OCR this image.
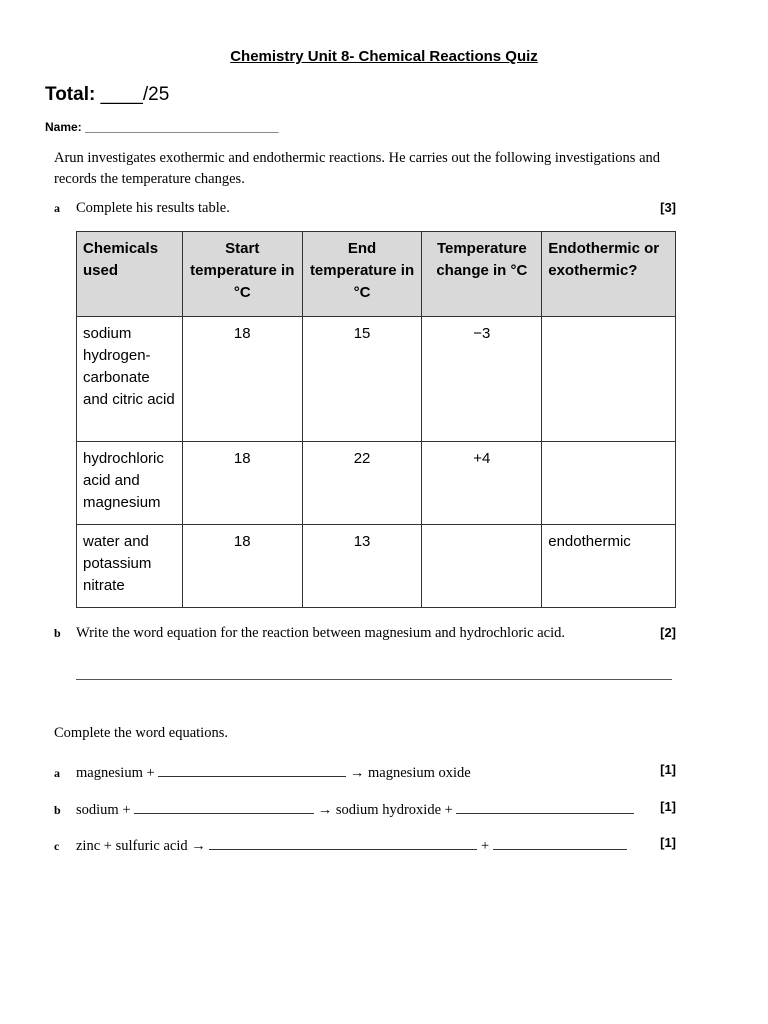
Chemistry Unit 8- Chemical Reactions Quiz
Total: ____/25
Name: _____________________________
Arun investigates exothermic and endothermic reactions. He carries out the following investigations and records the temperature changes.
a Complete his results table.	[3]
Chemicals used	Start temperature in °C	End temperature in °C	Temperature change in °C	Endothermic or exothermic?
sodium hydrogen-carbonate and citric acid	18	15	−3	
hydrochloric acid and magnesium	18	22	+4	
water and potassium nitrate	18	13		endothermic
b Write the word equation for the reaction between magnesium and hydrochloric acid.	[2]
Complete the word equations.
a magnesium +	→ magnesium oxide	[1]
b sodium +	→ sodium hydroxide +	[1]
c zinc + sulfuric acid →	+	[1]
